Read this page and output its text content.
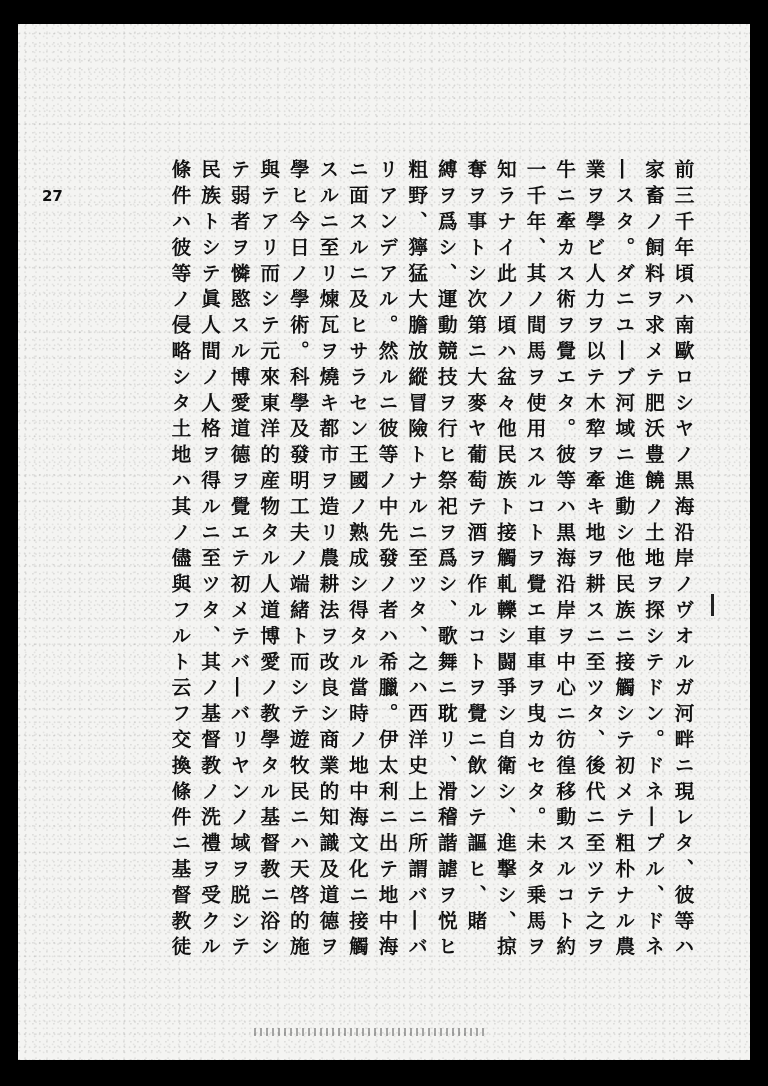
27	前三千年頃ハ南歐ロシヤノ黒海沿岸ノヴオルガ河畔ニ現レタ、彼等ハ
家畜ノ飼料ヲ求メテ肥沃豊饒ノ土地ヲ探シテドン。ドネ―プル、ドネ
―スタ。ダニユ―ブ河域ニ進動シ他民族ニ接觸シテ初メテ粗朴ナル農
業ヲ學ビ人力ヲ以テ木犂ヲ牽キ地ヲ耕スニ至ツタ、後代ニ至ツテ之ヲ
牛ニ牽カス術ヲ覺エタ。彼等ハ黒海沿岸ヲ中心ニ彷徨移動スルコト約
一千年、其ノ間馬ヲ使用スルコトヲ覺エ車車ヲ曳カセタ。未タ乗馬ヲ
知ラナイ此ノ頃ハ盆々他民族ト接觸軋轢シ闘爭シ自衛シ、進撃シ、掠
奪ヲ事トシ次第ニ大麥ヤ葡萄テ酒ヲ作ルコトヲ覺ニ飲ンテ謳ヒ、賭
縛ヲ爲シ、運動競技ヲ行ヒ祭祀ヲ爲シ、歌舞ニ耽リ、滑稽諧謔ヲ悦ヒ
粗野、獰猛大膽放縱冒險トナルニ至ツタ、之ハ西洋史上ニ所謂バ―バ
リアンデアル。然ルニ彼等ノ中先發ノ者ハ希臘。伊太利ニ出テ地中海
ニ面スルニ及ヒサラセン王國ノ熟成シ得タル當時ノ地中海文化ニ接觸
スルニ至リ煉瓦ヲ燒キ都市ヲ造リ農耕法ヲ改良シ商業的知識及道德ヲ
學ヒ今日ノ學術。科學及發明工夫ノ端緒ト而シテ遊牧民ニハ天啓的施
與テアリ而シテ元來東洋的産物タル人道博愛ノ教學タル基督教ニ浴シ
テ弱者ヲ憐愍スル博愛道德ヲ覺エテ初メテバ―バリヤンノ域ヲ脱シテ
民族トシテ眞人間ノ人格ヲ得ルニ至ツタ、其ノ基督教ノ洗禮ヲ受クル
條件ハ彼等ノ侵略シタ土地ハ其ノ儘與フルト云フ交換條件ニ基督教徒
